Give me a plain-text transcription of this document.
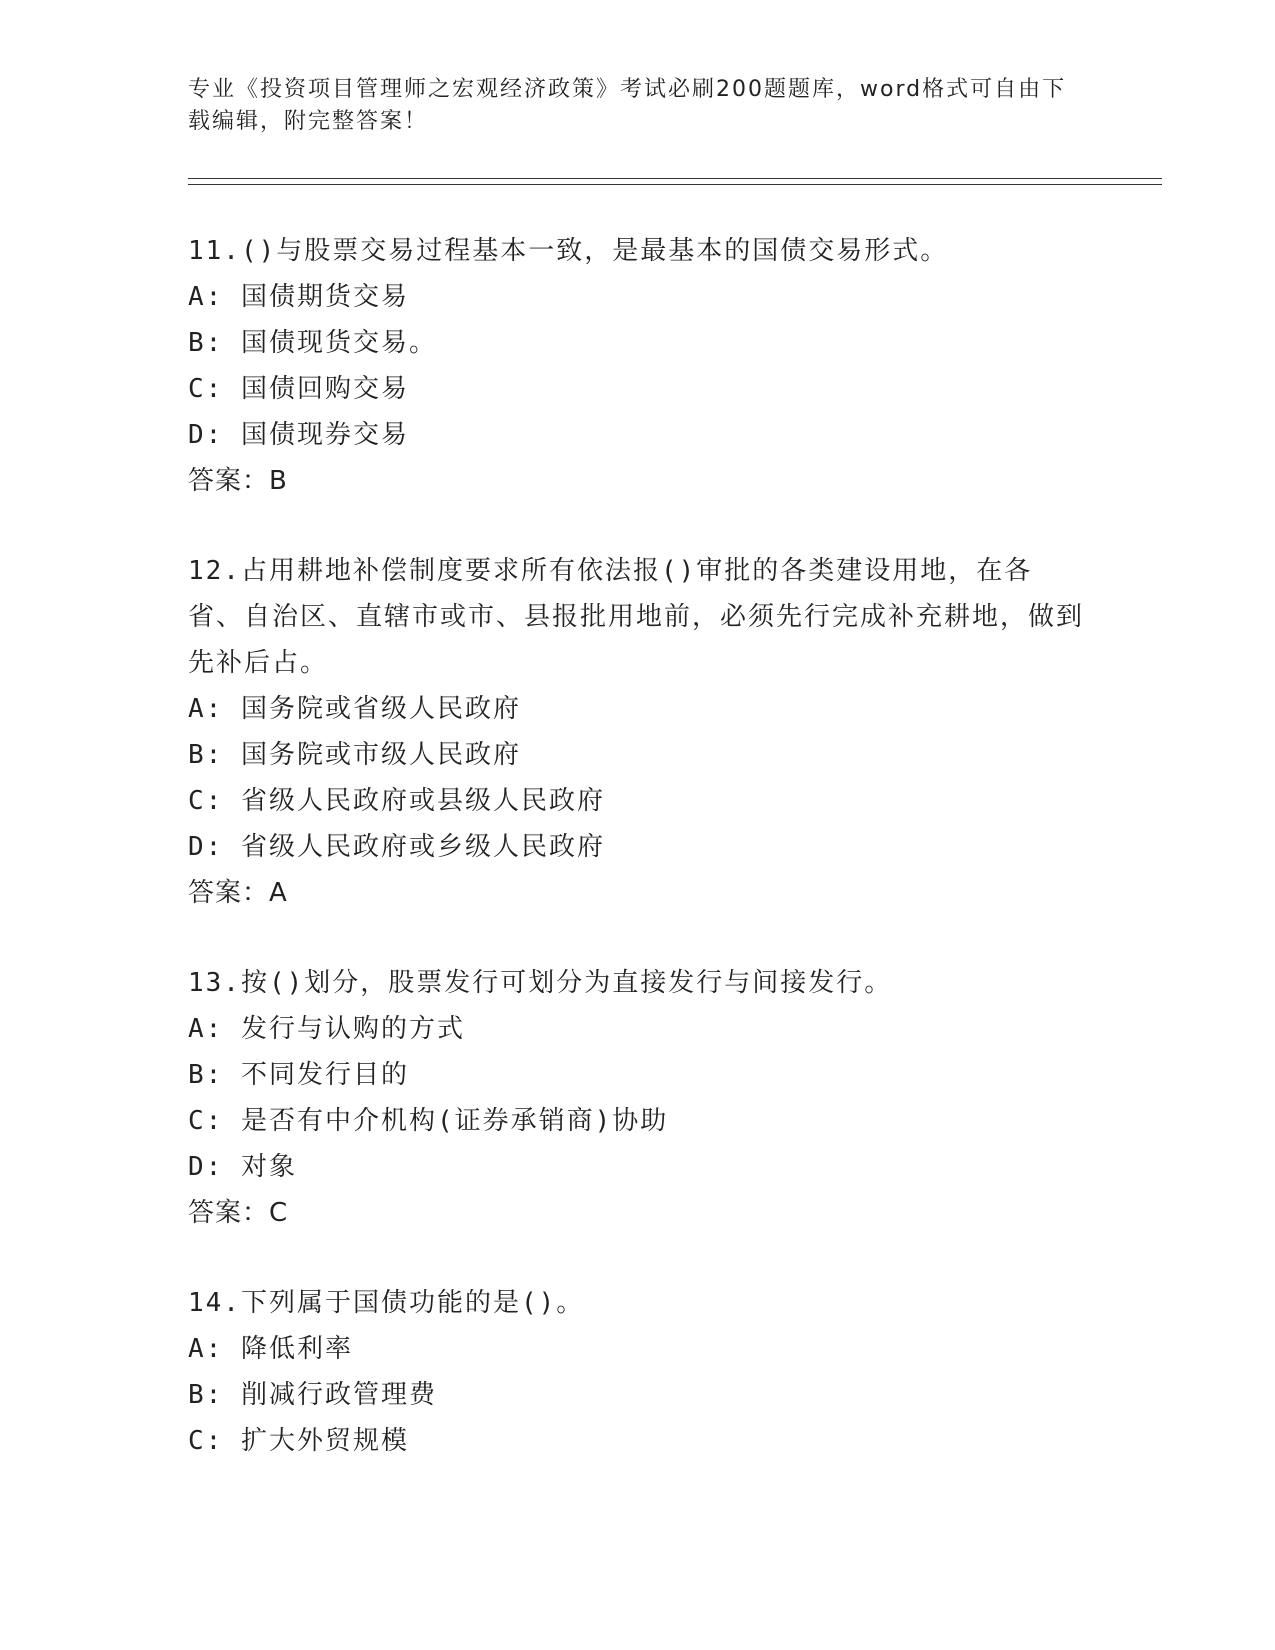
专业《投资项目管理师之宏观经济政策》考试必刷200题题库，word格式可自由下载编辑，附完整答案！
11.()与股票交易过程基本一致，是最基本的国债交易形式。
A: 国债期货交易
B: 国债现货交易。
C: 国债回购交易
D: 国债现券交易
答案：B
12.占用耕地补偿制度要求所有依法报()审批的各类建设用地，在各省、自治区、直辖市或市、县报批用地前，必须先行完成补充耕地，做到先补后占。
A: 国务院或省级人民政府
B: 国务院或市级人民政府
C: 省级人民政府或县级人民政府
D: 省级人民政府或乡级人民政府
答案：A
13.按()划分，股票发行可划分为直接发行与间接发行。
A: 发行与认购的方式
B: 不同发行目的
C: 是否有中介机构(证券承销商)协助
D: 对象
答案：C
14.下列属于国债功能的是()。
A: 降低利率
B: 削减行政管理费
C: 扩大外贸规模
